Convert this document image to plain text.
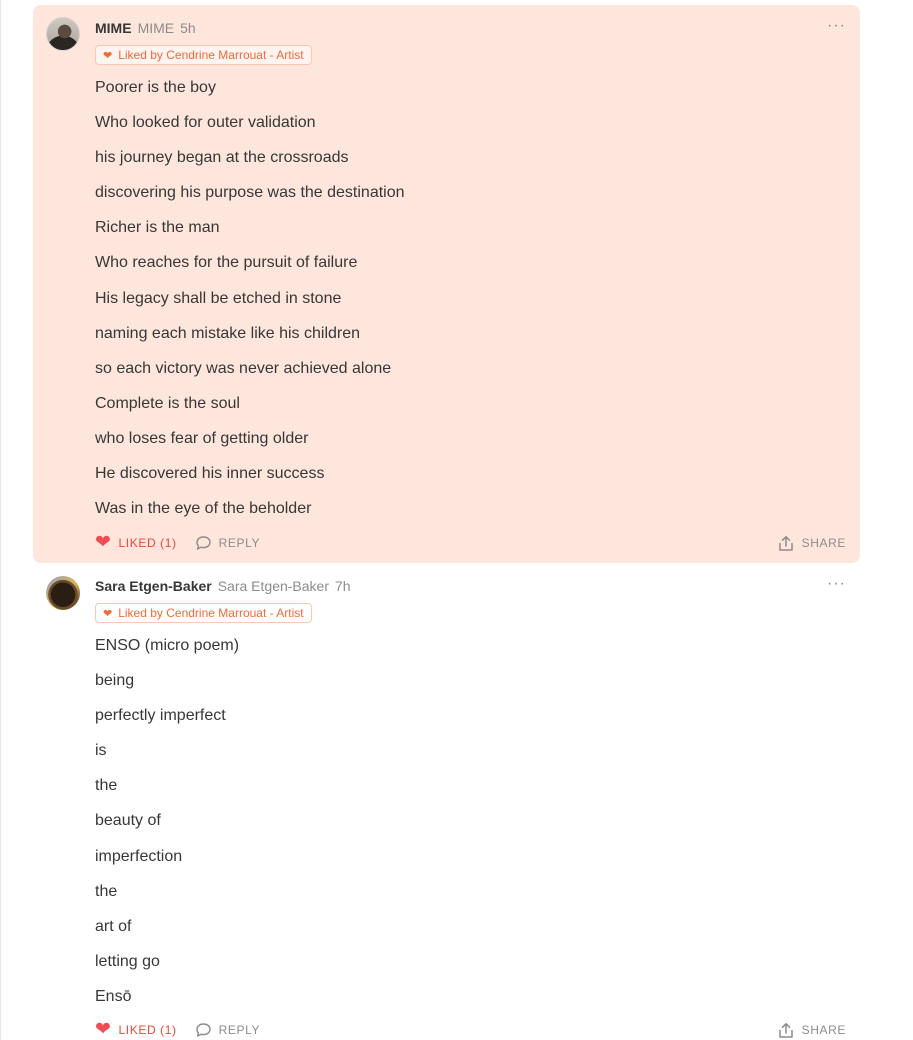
MIME MIME 5h	···
❤ Liked by Cendrine Marrouat - Artist
Poorer is the boy
Who looked for outer validation
his journey began at the crossroads
discovering his purpose was the destination
Richer is the man
Who reaches for the pursuit of failure
His legacy shall be etched in stone
naming each mistake like his children
so each victory was never achieved alone
Complete is the soul
who loses fear of getting older
He discovered his inner success
Was in the eye of the beholder
❤ LIKED (1)	REPLY	SHARE
Sara Etgen-Baker Sara Etgen-Baker 7h	···
❤ Liked by Cendrine Marrouat - Artist
ENSO (micro poem)
being
perfectly imperfect
is
the
beauty of
imperfection
the
art of
letting go
Ensō
❤ LIKED (1)	REPLY	SHARE
